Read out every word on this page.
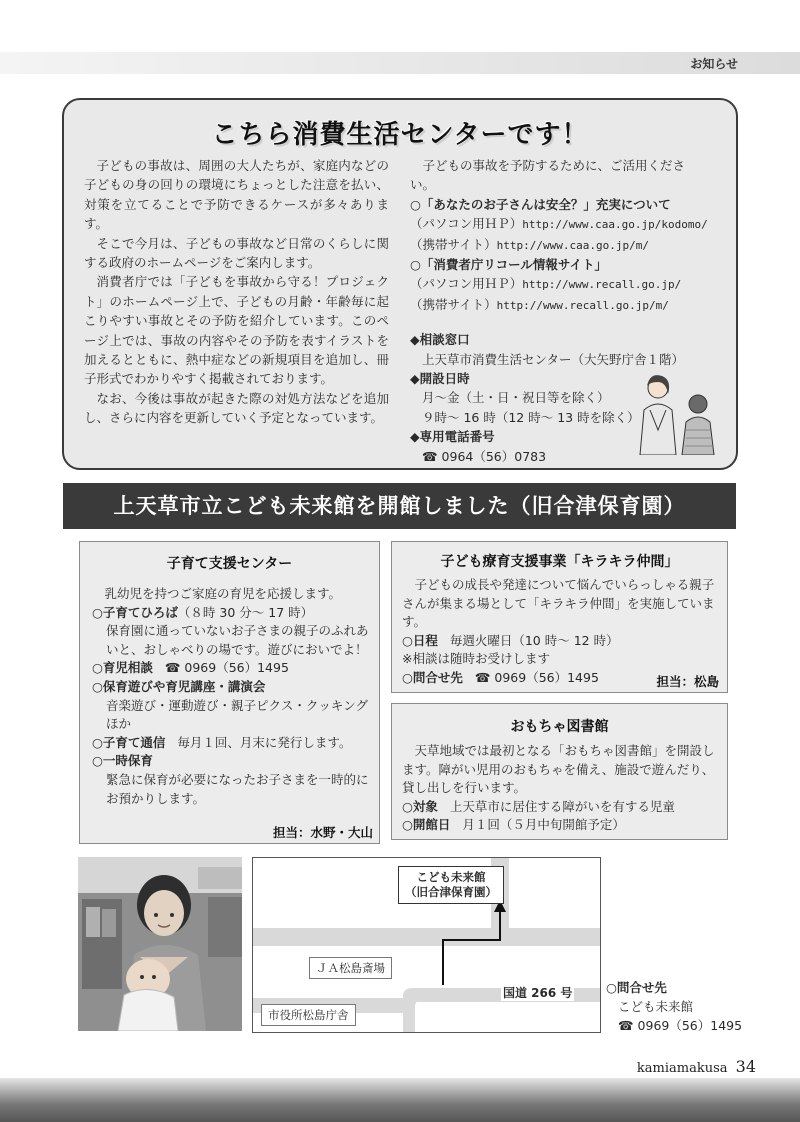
お知らせ
こちら消費生活センターです！

子どもの事故は、周囲の大人たちが、家庭内などの子どもの身の回りの環境にちょっとした注意を払い、対策を立てることで予防できるケースが多々あります。

そこで今月は、子どもの事故など日常のくらしに関する政府のホームページをご案内します。

消費者庁では「子どもを事故から守る！プロジェクト」のホームページ上で、子どもの月齢・年齢毎に起こりやすい事故とその予防を紹介しています。このページ上では、事故の内容やその予防を表すイラストを加えるとともに、熱中症などの新規項目を追加し、冊子形式でわかりやすく掲載されております。

なお、今後は事故が起きた際の対処方法などを追加し、さらに内容を更新していく予定となっています。

子どもの事故を予防するために、ご活用くださ
い。
○「あなたのお子さんは安全？」充実について
（パソコン用ＨＰ）http://www.caa.go.jp/kodomo/
（携帯サイト）http://www.caa.go.jp/m/
○「消費者庁リコール情報サイト」
（パソコン用ＨＰ）http://www.recall.go.jp/
（携帯サイト）http://www.recall.go.jp/m/
◆相談窓口
上天草市消費生活センター（大矢野庁舎１階）
◆開設日時
月～金（土・日・祝日等を除く）
９時～ 16 時（12 時～ 13 時を除く）
◆専用電話番号
☎ 0964（56）0783
上天草市立こども未来館を開館しました（旧合津保育園）
子育て支援センター
乳幼児を持つご家庭の育児を応援します。
○子育てひろば（８時 30 分～ 17 時）
保育園に通っていないお子さまの親子のふれあいと、おしゃべりの場です。遊びにおいでよ！
○育児相談 ☎ 0969（56）1495
○保育遊びや育児講座・講演会
音楽遊び・運動遊び・親子ピクス・クッキングほか
○子育て通信 毎月１回、月末に発行します。
○一時保育
緊急に保育が必要になったお子さまを一時的にお預かりします。
担当：水野・大山
子ども療育支援事業「キラキラ仲間」
子どもの成長や発達について悩んでいらっしゃる親子さんが集まる場として「キラキラ仲間」を実施しています。
○日程 毎週火曜日（10 時～ 12 時）
※相談は随時お受けします
○問合せ先 ☎ 0969（56）1495	担当：松島
おもちゃ図書館
天草地域では最初となる「おもちゃ図書館」を開設します。障がい児用のおもちゃを備え、施設で遊んだり、貸し出しを行います。
○対象 上天草市に居住する障がいを有する児童
○開館日 月１回（５月中旬開館予定）
こども未来館
（旧合津保育園）
ＪＡ松島斎場
国道 266 号
市役所松島庁舎
○問合せ先
こども未来館
☎ 0969（56）1495
kamiamakusa 34
